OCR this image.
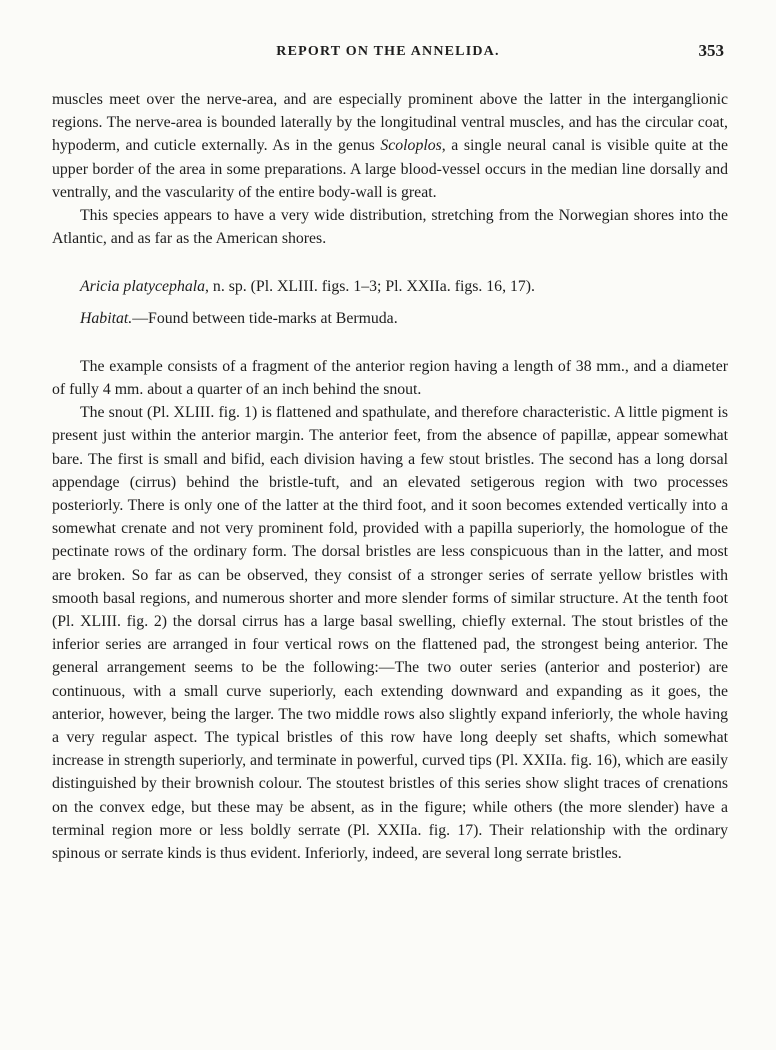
REPORT ON THE ANNELIDA.	353

muscles meet over the nerve-area, and are especially prominent above the latter in the interganglionic regions. The nerve-area is bounded laterally by the longitudinal ventral muscles, and has the circular coat, hypoderm, and cuticle externally. As in the genus Scoloplos, a single neural canal is visible quite at the upper border of the area in some preparations. A large blood-vessel occurs in the median line dorsally and ventrally, and the vascularity of the entire body-wall is great.

This species appears to have a very wide distribution, stretching from the Norwegian shores into the Atlantic, and as far as the American shores.

Aricia platycephala, n. sp. (Pl. XLIII. figs. 1–3; Pl. XXIIa. figs. 16, 17).

Habitat.—Found between tide-marks at Bermuda.

The example consists of a fragment of the anterior region having a length of 38 mm., and a diameter of fully 4 mm. about a quarter of an inch behind the snout.

The snout (Pl. XLIII. fig. 1) is flattened and spathulate, and therefore characteristic. A little pigment is present just within the anterior margin. The anterior feet, from the absence of papillæ, appear somewhat bare. The first is small and bifid, each division having a few stout bristles. The second has a long dorsal appendage (cirrus) behind the bristle-tuft, and an elevated setigerous region with two processes posteriorly. There is only one of the latter at the third foot, and it soon becomes extended vertically into a somewhat crenate and not very prominent fold, provided with a papilla superiorly, the homologue of the pectinate rows of the ordinary form. The dorsal bristles are less conspicuous than in the latter, and most are broken. So far as can be observed, they consist of a stronger series of serrate yellow bristles with smooth basal regions, and numerous shorter and more slender forms of similar structure. At the tenth foot (Pl. XLIII. fig. 2) the dorsal cirrus has a large basal swelling, chiefly external. The stout bristles of the inferior series are arranged in four vertical rows on the flattened pad, the strongest being anterior. The general arrangement seems to be the following:—The two outer series (anterior and posterior) are continuous, with a small curve superiorly, each extending downward and expanding as it goes, the anterior, however, being the larger. The two middle rows also slightly expand inferiorly, the whole having a very regular aspect. The typical bristles of this row have long deeply set shafts, which somewhat increase in strength superiorly, and terminate in powerful, curved tips (Pl. XXIIa. fig. 16), which are easily distinguished by their brownish colour. The stoutest bristles of this series show slight traces of crenations on the convex edge, but these may be absent, as in the figure; while others (the more slender) have a terminal region more or less boldly serrate (Pl. XXIIa. fig. 17). Their relationship with the ordinary spinous or serrate kinds is thus evident. Inferiorly, indeed, are several long serrate bristles.
